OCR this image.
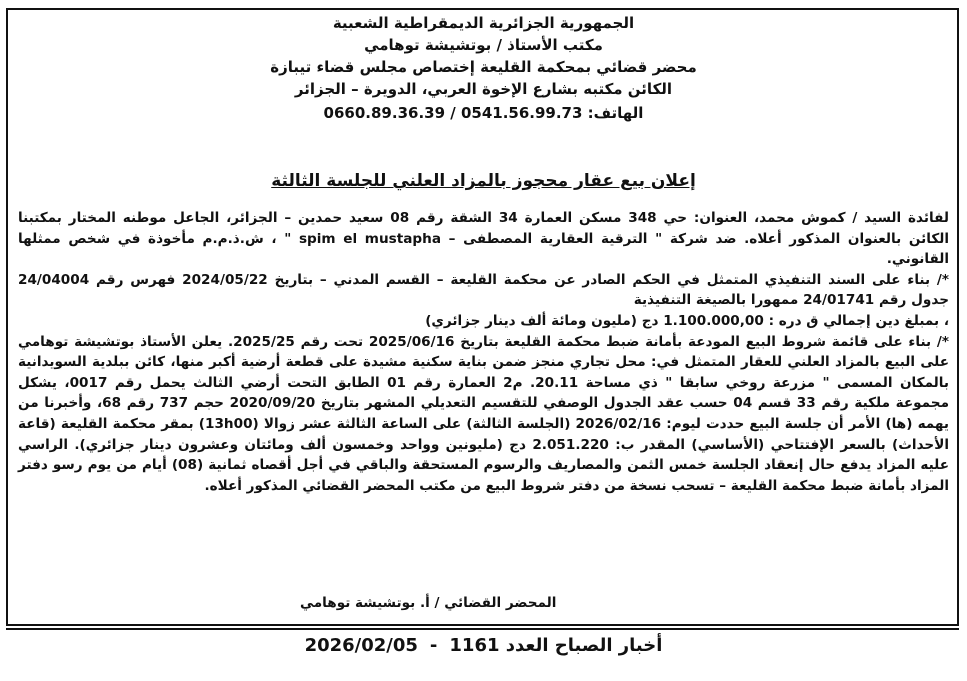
الجمهورية الجزائرية الديمقراطية الشعبية
مكتب الأستاذ / بوتشيشة توهامي
محضر قضائي بمحكمة القليعة إختصاص مجلس قضاء تيبازة
الكائن مكتبه بشارع الإخوة العربي، الدويرة – الجزائر
الهاتف: 0541.56.99.73 / 0660.89.36.39
إعلان بيع عقار محجوز بالمزاد العلني للجلسة الثالثة

لفائدة السيد / كموش محمد، العنوان: حي 348 مسكن العمارة 34 الشقة رقم 08 سعيد حمدين – الجزائر، الجاعل موطنه المختار بمكتبنا الكائن بالعنوان المذكور أعلاه. ضد شركة " الترقية العقارية المصطفى – spim el mustapha " ، ش.ذ.م.م مأخوذة في شخص ممثلها القانوني.

*/ بناء على السند التنفيذي المتمثل في الحكم الصادر عن محكمة القليعة – القسم المدني – بتاريخ 2024/05/22 فهرس رقم 24/04004 جدول رقم 24/01741 ممهورا بالصيغة التنفيذية

، بمبلغ دين إجمالي ق دره : 1.100.000,00 دج (مليون ومائة ألف دينار جزائري)

*/ بناء على قائمة شروط البيع المودعة بأمانة ضبط محكمة القليعة بتاريخ 2025/06/16 تحت رقم 2025/25. يعلن الأستاذ بوتشيشة توهامي على البيع بالمزاد العلني للعقار المتمثل في: محل تجاري منجز ضمن بناية سكنية مشيدة على قطعة أرضية أكبر منها، كائن ببلدية السويدانية بالمكان المسمى " مزرعة روخي سابقا " ذي مساحة 20.11. م2 العمارة رقم 01 الطابق التحت أرضي الثالث يحمل رقم 0017، يشكل مجموعة ملكية رقم 33 قسم 04 حسب عقد الجدول الوصفي للتقسيم التعديلي المشهر بتاريخ 2020/09/20 حجم 737 رقم 68، وأخبرنا من يهمه (ها) الأمر أن جلسة البيع حددت ليوم: 2026/02/16 (الجلسة الثالثة) على الساعة الثالثة عشر زوالا (13h00) بمقر محكمة القليعة (قاعة الأحداث) بالسعر الإفتتاحي (الأساسي) المقدر ب: 2.051.220 دج (مليونين وواحد وخمسون ألف ومائتان وعشرون دينار جزائري). الراسي عليه المزاد يدفع حال إنعقاد الجلسة خمس الثمن والمصاريف والرسوم المستحقة والباقي في أجل أقصاه ثمانية (08) أيام من يوم رسو دفتر المزاد بأمانة ضبط محكمة القليعة – تسحب نسخة من دفتر شروط البيع من مكتب المحضر القضائي المذكور أعلاه.

المحضر القضائي / أ. بوتشيشة توهامي
أخبار الصباح العدد 1161-2026/02/05
